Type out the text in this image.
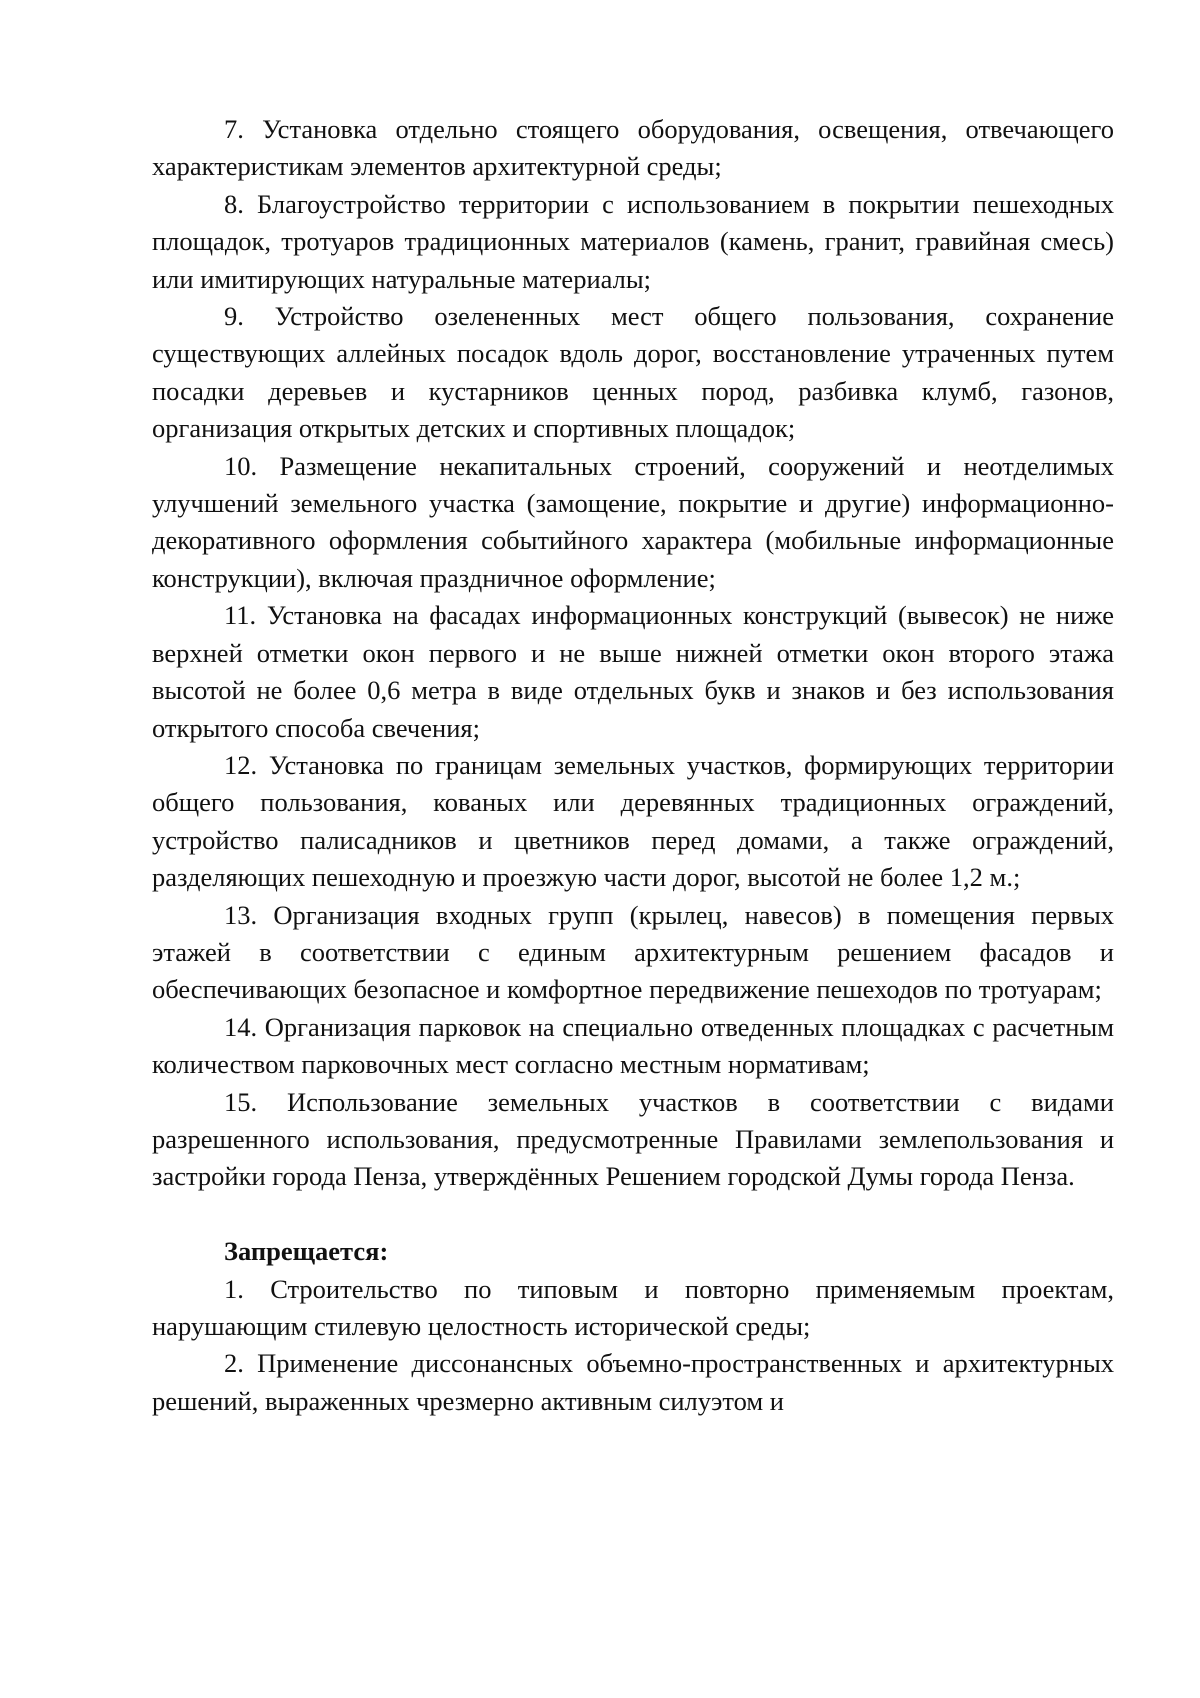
7. Установка отдельно стоящего оборудования, освещения, отвечающего характеристикам элементов архитектурной среды;

8. Благоустройство территории с использованием в покрытии пешеходных площадок, тротуаров традиционных материалов (камень, гранит, гравийная смесь) или имитирующих натуральные материалы;

9. Устройство озелененных мест общего пользования, сохранение существующих аллейных посадок вдоль дорог, восстановление утраченных путем посадки деревьев и кустарников ценных пород, разбивка клумб, газонов, организация открытых детских и спортивных площадок;

10. Размещение некапитальных строений, сооружений и неотделимых улучшений земельного участка (замощение, покрытие и другие) информационно-декоративного оформления событийного характера (мобильные информационные конструкции), включая праздничное оформление;

11. Установка на фасадах информационных конструкций (вывесок) не ниже верхней отметки окон первого и не выше нижней отметки окон второго этажа высотой не более 0,6 метра в виде отдельных букв и знаков и без использования открытого способа свечения;

12. Установка по границам земельных участков, формирующих территории общего пользования, кованых или деревянных традиционных ограждений, устройство палисадников и цветников перед домами, а также ограждений, разделяющих пешеходную и проезжую части дорог, высотой не более 1,2 м.;

13. Организация входных групп (крылец, навесов) в помещения первых этажей в соответствии с единым архитектурным решением фасадов и обеспечивающих безопасное и комфортное передвижение пешеходов по тротуарам;

14. Организация парковок на специально отведенных площадках с расчетным количеством парковочных мест согласно местным нормативам;

15. Использование земельных участков в соответствии с видами разрешенного использования, предусмотренные Правилами землепользования и застройки города Пенза, утверждённых Решением городской Думы города Пенза.

Запрещается:

1. Строительство по типовым и повторно применяемым проектам, нарушающим стилевую целостность исторической среды;

2. Применение диссонансных объемно-пространственных и архитектурных решений, выраженных чрезмерно активным силуэтом и
